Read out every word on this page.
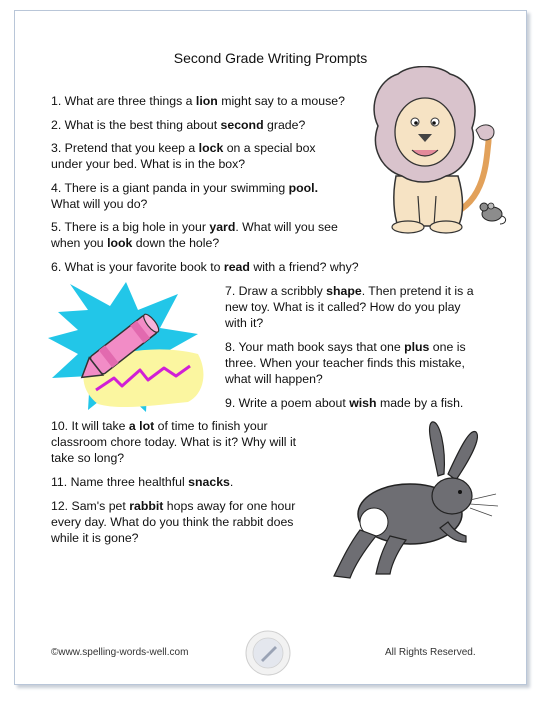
Second Grade Writing Prompts
1. What are three things a lion might say to a mouse?
2. What is the best thing about second grade?
3. Pretend that you keep a lock on a special box under your bed. What is in the box?
4. There is a giant panda in your swimming pool. What will you do?
5. There is a big hole in your yard. What will you see when you look down the hole?
6. What is your favorite book to read with a friend? why?
7. Draw a scribbly shape. Then pretend it is a new toy. What is it called? How do you play with it?
8. Your math book says that one plus one is three. When your teacher finds this mistake, what will happen?
9. Write a poem about wish made by a fish.
10. It will take a lot of time to finish your classroom chore today. What is it? Why will it take so long?
11. Name three healthful snacks.
12. Sam's pet rabbit hops away for one hour every day. What do you think the rabbit does while it is gone?
©www.spelling-words-well.com	All Rights Reserved.
